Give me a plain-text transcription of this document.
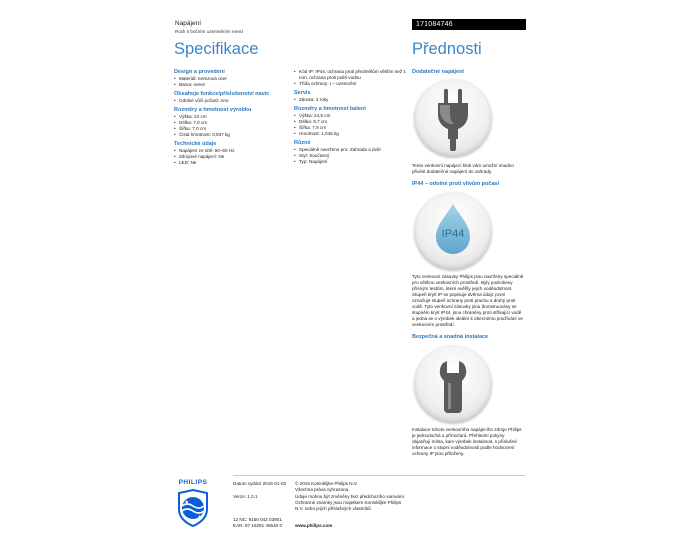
Napájení
Rock s bočním uzemněním nerez
171084746
Specifikace	Přednosti
Design a provedení
• Materiál: nerezová ocel
• Barva: nerez
Obsahuje funkce/příslušenství navíc
• Odolné vůči počasí: Ano
Rozměry a hmotnost výrobku
• Výška: 23 cm
• Délka: 7,0 cm
• Šířka: 7,0 cm
• Čistá hmotnost: 0,937 kg
Technické údaje
• Napájení ze sítě: 50–60 Hz
• Zdrojové napájení: Ne
• LED: Ne
• Kód IP: IP44, ochrana proti předmětům větším než 1 mm, ochrana proti polití vodou
• Třída ochrany: I – uzemnění
Servis
• Záruka: 2 roky
Rozměry a hmotnost balení
• Výška: 24,5 cm
• Délka: 9,7 cm
• Šířka: 7,9 cm
• Hmotnost: 1,046 kg
Různé
• Speciálně navrženo pro: Zahrada a dvůr
• Styl: Současný
• Typ: Napájení
Dodatečné napájení
Tento venkovní napájecí blok vám umožní snadno přivést dodatečné napájení do zahrady.
IP44 – odolné proti vlivům počasí
IP44
Tyto venkovní zásuvky Philips jsou navrženy speciálně pro většinu venkovních prostředí. Byly podrobeny přísným testům, které ověřily jejich voděodolnost. Stupeň krytí IP se popisuje dvěma údaji: první označuje stupeň ochrany proti prachu a druhý proti vodě. Tyto venkovní zásuvky jsou (konstruovány se stupněm krytí IP44, jsou chráněny proti stříkající vodě a jedná se o výrobek ideální k obecnému používání ve venkovním prostředí.
Bezpečná a snadná instalace
Instalace tohoto venkovního napájecího zdroje Philips je jednoduchá a přímočará. Přehlední pokyny objasňují místa, kam výrobek instalovat, s příslušné informace o stupni voděodolnosti podle hodnocení ochrany IP jsou přiloženy.
PHILIPS	Datum vydání 2015-01-03
Verze: 1.0.1
12 NC: 9150 042 03901
EAN: 87 18291 45540 0
© 2015 Koninklijke Philips N.V.
Všechna práva vyhrazena.
Údaje mohou být změněny bez předchozího varování. Ochranné známky jsou majetkem Koninklijke Philips N.V. nebo jejich příslušných vlastníků.
www.philips.com
